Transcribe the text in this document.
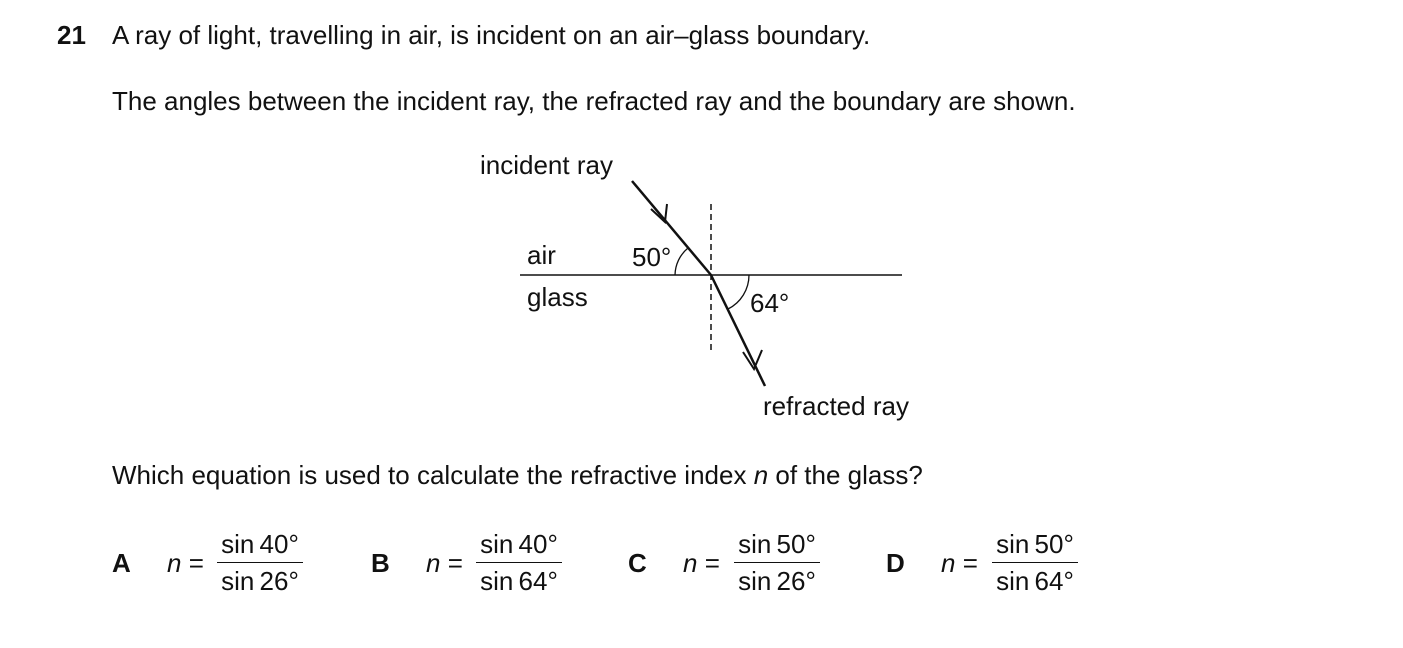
21 A ray of light, travelling in air, is incident on an air–glass boundary.
The angles between the incident ray, the refracted ray and the boundary are shown.
incident ray
air
glass
50°
64°
refracted ray
Which equation is used to calculate the refractive index n of the glass?
A n =
sin 40°
sin 26°
B n =
sin 40°
sin 64°
C n =
sin 50°
sin 26°
D n =
sin 50°
sin 64°
